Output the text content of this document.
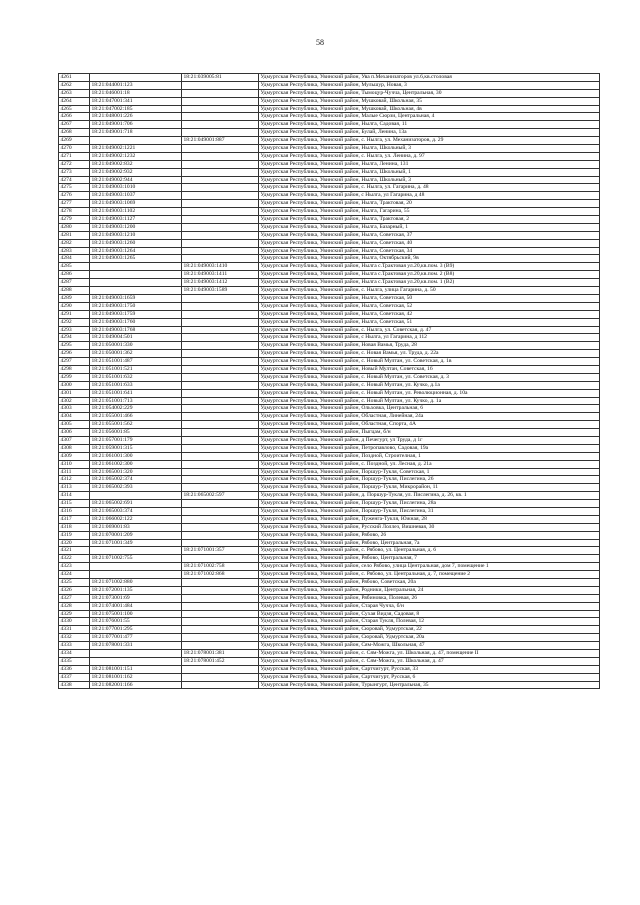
58
4261		18:21:039005:81	Удмуртская Республика, Увинский район, Ува п.Механизаторов ул.6,кв.столовая
4262	18:21:044001:123		Удмуртская Республика, Увинский район, Мульшур, Новая, 3
4263	18:21:046001:18		Удмуртская Республика, Увинский район, Тымоцур-Чучча, Центральная, 30
4264	18:21:047001:341		Удмуртская Республика, Увинский район, Мушковай, Школьная, 35
4265	18:21:047002:185		Удмуртская Республика, Увинский район, Мушковай, Школьная, 4в
4266	18:21:048001:226		Удмуртская Республика, Увинский район, Малые Сюрзи, Центральная, 4
4267	18:21:049001:706		Удмуртская Республика, Увинский район, Нылга, Садовая, 11
4268	18:21:049001:718		Удмуртская Республика, Увинский район, Булай, Ленина, 13а
4269		18:21:049001:887	Удмуртская Республика, Увинский район, с. Нылга, ул. Механизаторов, д. 29
4270	18:21:049002:1221		Удмуртская Республика, Увинский район, Нылга, Школьный, 3
4271	18:21:049002:1232		Удмуртская Республика, Увинский район, с. Нылга, ул. Ленина, д. 97
4272	18:21:049002:832		Удмуртская Республика, Увинский район, Нылга, Ленина, 131
4273	18:21:049002:932		Удмуртская Республика, Увинский район, Нылга, Школьный, 1
4274	18:21:049002:944		Удмуртская Республика, Увинский район, Нылга, Школьный, 3
4275	18:21:049003:1010		Удмуртская Республика, Увинский район, с. Нылга, ул. Гагарина, д. 48
4276	18:21:049003:1037		Удмуртская Республика, Увинский район, с Нылга, ул Гагарина, д 48
4277	18:21:049003:1069		Удмуртская Республика, Увинский район, Нылга, Трактовая, 20
4278	18:21:049003:1102		Удмуртская Республика, Увинский район, Нылга, Гагарина, 55
4279	18:21:049003:1127		Удмуртская Республика, Увинский район, Нылга, Трактовая, 2
4280	18:21:049003:1200		Удмуртская Республика, Увинский район, Нылга, Базарный, 1
4281	18:21:049003:1210		Удмуртская Республика, Увинский район, Нылга, Советская, 37
4282	18:21:049003:1260		Удмуртская Республика, Увинский район, Нылга, Советская, 40
4283	18:21:049003:1264		Удмуртская Республика, Увинский район, Нылга, Советская, 34
4284	18:21:049003:1265		Удмуртская Республика, Увинский район, Нылга, Октябрьский, 9в
4285		18:21:049003:1410	Удмуртская Республика, Увинский район, Нылга с.Трактовая ул.20,кв.пом. 3 (В9)
4286		18:21:049003:1411	Удмуртская Республика, Увинский район, Нылга с.Трактовая ул.20,кв.пом. 2 (В8)
4287		18:21:049003:1412	Удмуртская Республика, Увинский район, Нылга с.Трактовая ул.20,кв.пом. 1 (В2)
4288		18:21:049003:1589	Удмуртская Республика, Увинский район, с. Нылга, улица Гагарина, д. 50
4289	18:21:049003:1659		Удмуртская Республика, Увинский район, Нылга, Советская, 50
4290	18:21:049003:1750		Удмуртская Республика, Увинский район, Нылга, Советская, 52
4291	18:21:049003:1759		Удмуртская Республика, Увинский район, Нылга, Советская, 42
4292	18:21:049003:1760		Удмуртская Республика, Увинский район, Нылга, Советская, 51
4293	18:21:049003:1768		Удмуртская Республика, Увинский район, с. Нылга, ул. Советская, д. 47
4294	18:21:049004:501		Удмуртская Республика, Увинский район, с Нылга, ул Гагарина, д 112
4295	18:21:050001:330		Удмуртская Республика, Увинский район, Новая Вамья, Труда, 28
4296	18:21:050001:362		Удмуртская Республика, Увинский район, с. Новая Вамья, ул. Труда, д. 22а
4297	18:21:051001:487		Удмуртская Республика, Увинский район, с. Новый Мултан, ул. Советская, д. 1в
4298	18:21:051001:521		Удмуртская Республика, Увинский район, Новый Мултан, Советская, 16
4299	18:21:051001:632		Удмуртская Республика, Увинский район, с. Новый Мултан, ул. Советская, д. 3
4300	18:21:051001:633		Удмуртская Республика, Увинский район, с. Новый Мултан, ул. Кучко, д.1а
4301	18:21:051001:641		Удмуртская Республика, Увинский район, с. Новый Мултан, ул. Революционная, д. 10а
4302	18:21:051001:713		Удмуртская Республика, Увинский район, с. Новый Мултан, ул. Кучко, д. 1а
4303	18:21:054002:229		Удмуртская Республика, Увинский район, Ольховка, Центральная, 6
4304	18:21:055001:466		Удмуртская Республика, Увинский район, Областная, Линейная, 24а
4305	18:21:055001:562		Удмуртская Республика, Увинский район, Областная, Спорта, 4А
4306	18:21:056001:85		Удмуртская Республика, Увинский район, Пыгцам, б/н
4307	18:21:057001:179		Удмуртская Республика, Увинский район, д Печегурт, ул Труда, д 1г
4308	18:21:059001:315		Удмуртская Республика, Увинский район, Петропавлово, Садовая, 19а
4309	18:21:061001:300		Удмуртская Республика, Увинский район, Поздной, Строителная, 1
4310	18:21:061002:300		Удмуртская Республика, Увинский район, с. Поздной, ул. Лесная, д. 21а
4311	18:21:065001:320		Удмуртская Республика, Увинский район, Поршур-Тукля, Советская, 1
4312	18:21:065002:374		Удмуртская Республика, Увинский район, Поршур-Тукля, Пислегина, 26
4313	18:21:065002:393		Удмуртская Республика, Увинский район, Поршур-Тукля, Микрорайон, 11
4314		18:21:065002:597	Удмуртская Республика, Увинский район, д. Поршур-Тукля, ул. Пислегина, д. 26, кв. 1
4315	18:21:065002:691		Удмуртская Республика, Увинский район, Поршур-Тукля, Пислегина, 28а
4316	18:21:065003:374		Удмуртская Республика, Увинский район, Поршур-Тукля, Пислегина, 31
4317	18:21:066002:122		Удмуртская Республика, Увинский район, Пуженга-Тукля, Южная, 28
4318	18:21:069001:83		Удмуртская Республика, Увинский район, Русский Лоллез, Вишневая, 30
4319	18:21:070001:209		Удмуртская Республика, Увинский район, Рябово, 26
4320	18:21:071001:349		Удмуртская Республика, Увинский район, Рябово, Центральная, 7а
4321		18:21:071001:357	Удмуртская Республика, Увинский район, с. Рябово, ул. Центральная, д. 6
4322	18:21:071002:755		Удмуртская Республика, Увинский район, Рябово, Центральная, 7
4323		18:21:071002:758	Удмуртская Республика, Увинский район, село Рябово, улица Центральная, дом 7, помещение 1
4324		18:21:071002:868	Удмуртская Республика, Увинский район, с. Рябово, ул. Центральная, д. 7, помещение 2
4325	18:21:071002:880		Удмуртская Республика, Увинский район, Рябово, Советская, 20а
4326	18:21:072001:135		Удмуртская Республика, Увинский район, Родники, Центральная, 24
4327	18:21:073001:69		Удмуртская Республика, Увинский район, Рябиновка, Полевая, 26
4328	18:21:074001:484		Удмуртская Республика, Увинский район, Старая Чучча, б/н
4329	18:21:075001:100		Удмуртская Республика, Увинский район, Сухая Видзя, Садовая, 8
4330	18:21:076001:55		Удмуртская Республика, Увинский район, Старая Тукля, Полевая, 12
4331	18:21:077001:295		Удмуртская Республика, Увинский район, Сюровай, Удмуртская, 22
4332	18:21:077001:477		Удмуртская Республика, Увинский район, Сюровай, Удмуртская, 20а
4333	18:21:078001:331		Удмуртская Республика, Увинский район, Сям-Можга, Школьная, 47
4334		18:21:078001:381	Удмуртская Республика, Увинский район, с. Сям-Можга, ул. Школьная, д. 47, помещение II
4335		18:21:078001:452	Удмуртская Республика, Увинский район, с. Сям-Можга, ул. Школьная, д. 47
4336	18:21:081001:151		Удмуртская Республика, Увинский район, Сартчигурт, Русская, 33
4337	18:21:081001:162		Удмуртская Республика, Увинский район, Сартчигурт, Русская, 6
4338	18:21:082001:166		Удмуртская Республика, Увинский район, Турынгурт, Центральная, 35
